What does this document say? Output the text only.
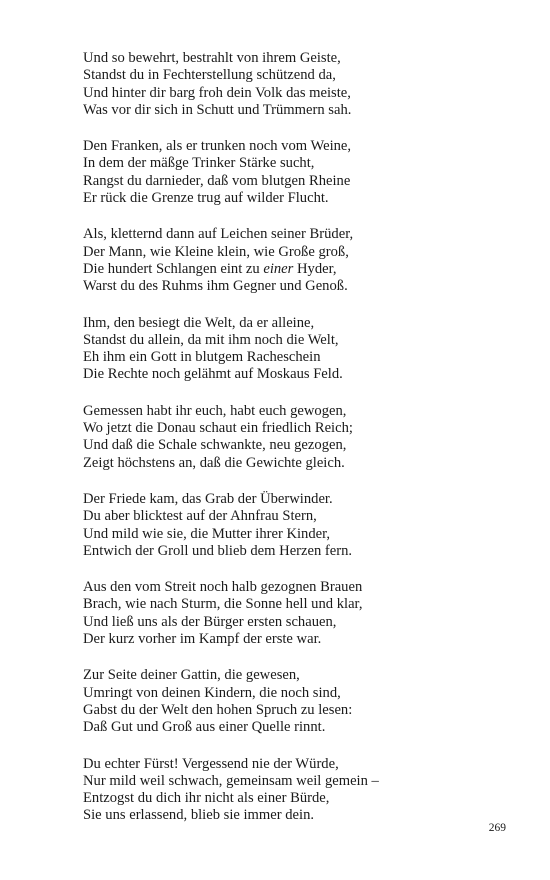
Und so bewehrt, bestrahlt von ihrem Geiste,
Standst du in Fechterstellung schützend da,
Und hinter dir barg froh dein Volk das meiste,
Was vor dir sich in Schutt und Trümmern sah.
Den Franken, als er trunken noch vom Weine,
In dem der mäßge Trinker Stärke sucht,
Rangst du darnieder, daß vom blutgen Rheine
Er rück die Grenze trug auf wilder Flucht.
Als, kletternd dann auf Leichen seiner Brüder,
Der Mann, wie Kleine klein, wie Große groß,
Die hundert Schlangen eint zu einer Hyder,
Warst du des Ruhms ihm Gegner und Genoß.
Ihm, den besiegt die Welt, da er alleine,
Standst du allein, da mit ihm noch die Welt,
Eh ihm ein Gott in blutgem Racheschein
Die Rechte noch gelähmt auf Moskaus Feld.
Gemessen habt ihr euch, habt euch gewogen,
Wo jetzt die Donau schaut ein friedlich Reich;
Und daß die Schale schwankte, neu gezogen,
Zeigt höchstens an, daß die Gewichte gleich.
Der Friede kam, das Grab der Überwinder.
Du aber blicktest auf der Ahnfrau Stern,
Und mild wie sie, die Mutter ihrer Kinder,
Entwich der Groll und blieb dem Herzen fern.
Aus den vom Streit noch halb gezognen Brauen
Brach, wie nach Sturm, die Sonne hell und klar,
Und ließ uns als der Bürger ersten schauen,
Der kurz vorher im Kampf der erste war.
Zur Seite deiner Gattin, die gewesen,
Umringt von deinen Kindern, die noch sind,
Gabst du der Welt den hohen Spruch zu lesen:
Daß Gut und Groß aus einer Quelle rinnt.
Du echter Fürst! Vergessend nie der Würde,
Nur mild weil schwach, gemeinsam weil gemein –
Entzogst du dich ihr nicht als einer Bürde,
Sie uns erlassend, blieb sie immer dein.
269
